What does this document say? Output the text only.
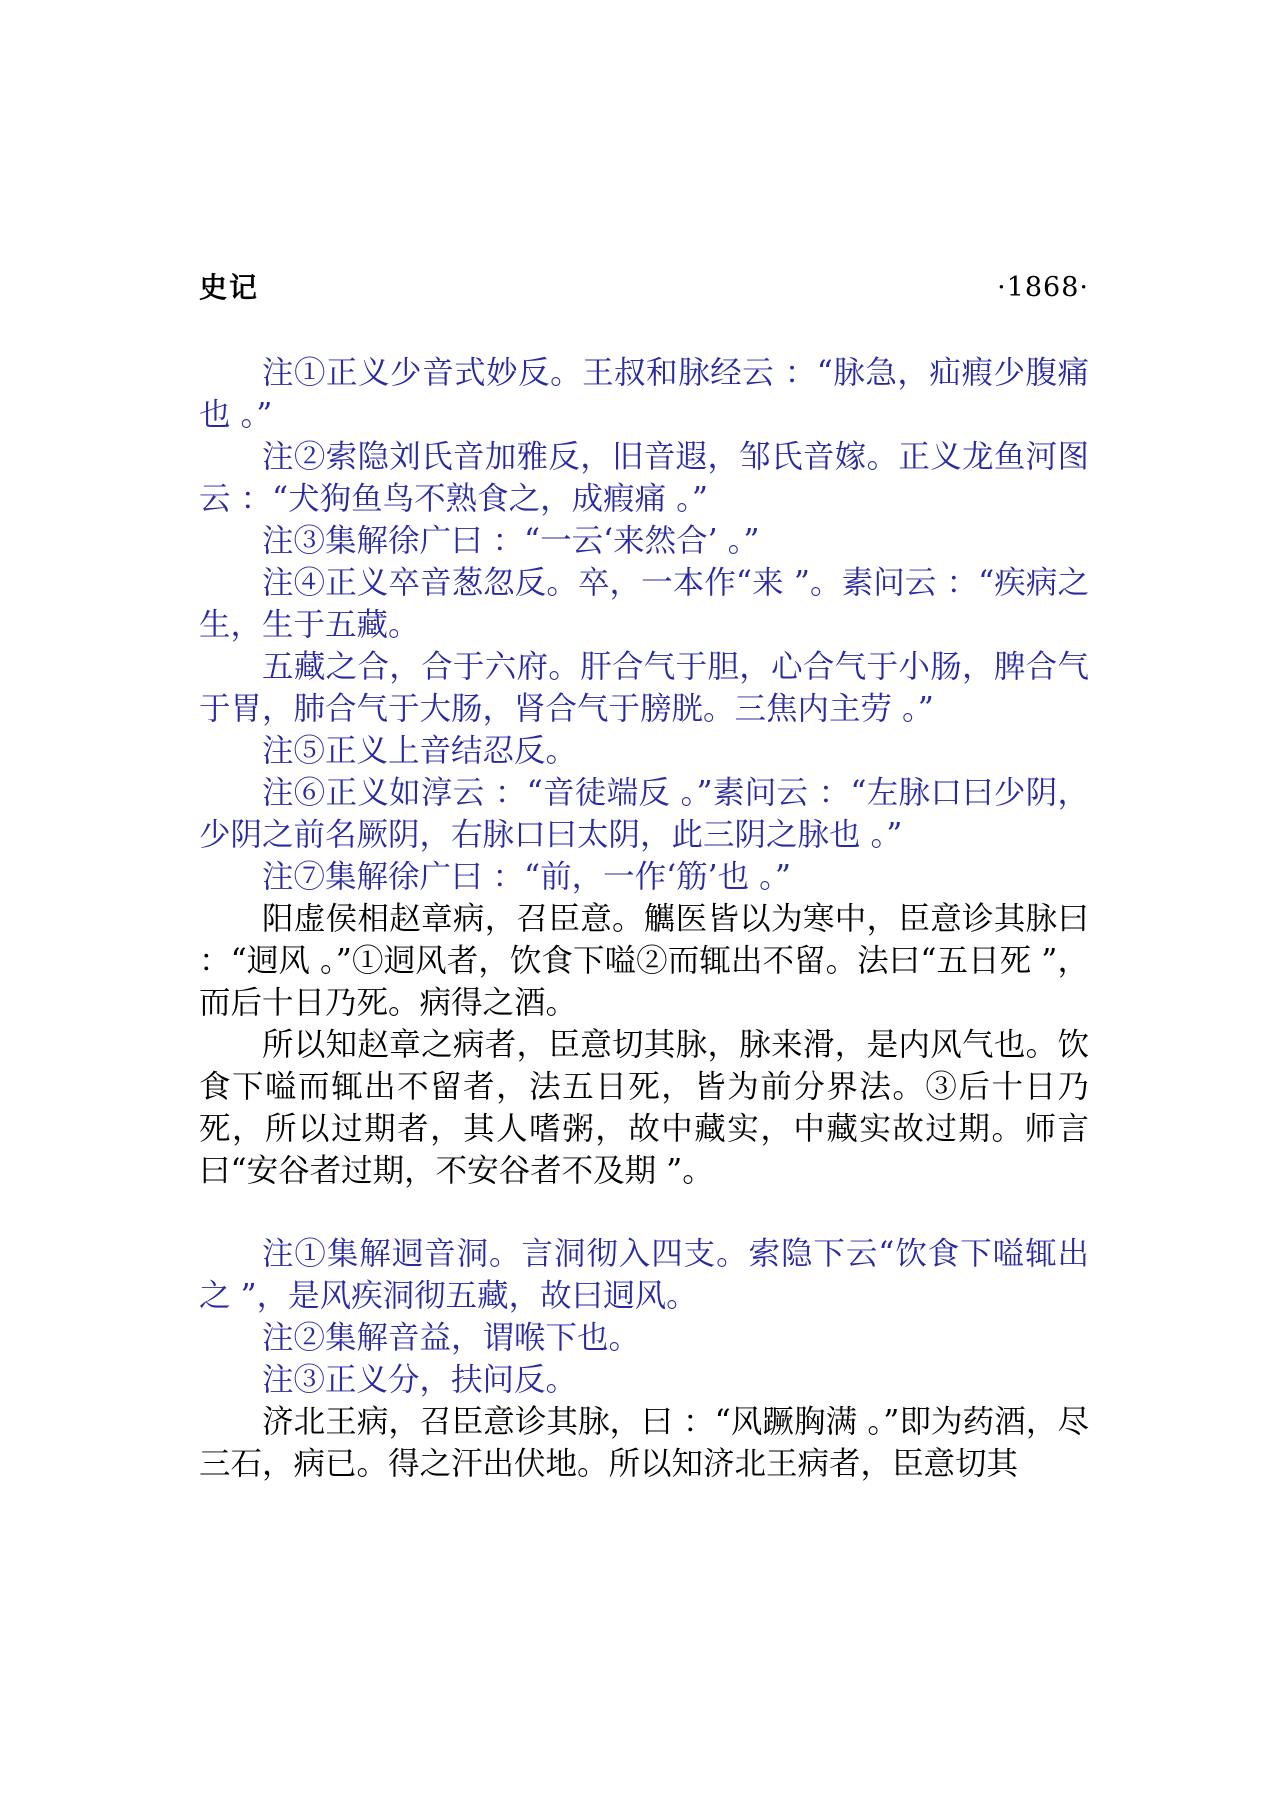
史记	·1868·

注①正义少音式妙反。王叔和脉经云 ：“脉急，疝瘕少腹痛也 。”

注②索隐刘氏音加雅反，旧音遐，邹氏音嫁。正义龙鱼河图云 ：“犬狗鱼鸟不熟食之，成瘕痛 。”

注③集解徐广曰 ：“一云‘来然合’ 。”

注④正义卒音葱忽反。卒，一本作“来 ”。素问云 ：“疾病之生，生于五藏。

五藏之合，合于六府。肝合气于胆，心合气于小肠，脾合气于胃，肺合气于大肠，肾合气于膀胱。三焦内主劳 。”

注⑤正义上音结忍反。

注⑥正义如淳云 ：“音徒端反 。”素问云 ：“左脉口曰少阴，少阴之前名厥阴，右脉口曰太阴，此三阴之脉也 。”

注⑦集解徐广曰 ：“前，一作‘筋’也 。”

阳虚侯相赵章病，召臣意。觽医皆以为寒中，臣意诊其脉曰 ：“迵风 。”①迵风者，饮食下嗌②而辄出不留。法曰“五日死 ”，而后十日乃死。病得之酒。

所以知赵章之病者，臣意切其脉，脉来滑，是内风气也。饮食下嗌而辄出不留者，法五日死，皆为前分界法。③后十日乃死，所以过期者，其人嗜粥，故中藏实，中藏实故过期。师言曰“安谷者过期，不安谷者不及期 ”。

注①集解迵音洞。言洞彻入四支。索隐下云“饮食下嗌辄出之 ”，是风疾洞彻五藏，故曰迵风。

注②集解音益，谓喉下也。

注③正义分，扶问反。

济北王病，召臣意诊其脉，曰 ：“风蹶胸满 。”即为药酒，尽三石，病已。得之汗出伏地。所以知济北王病者，臣意切其
